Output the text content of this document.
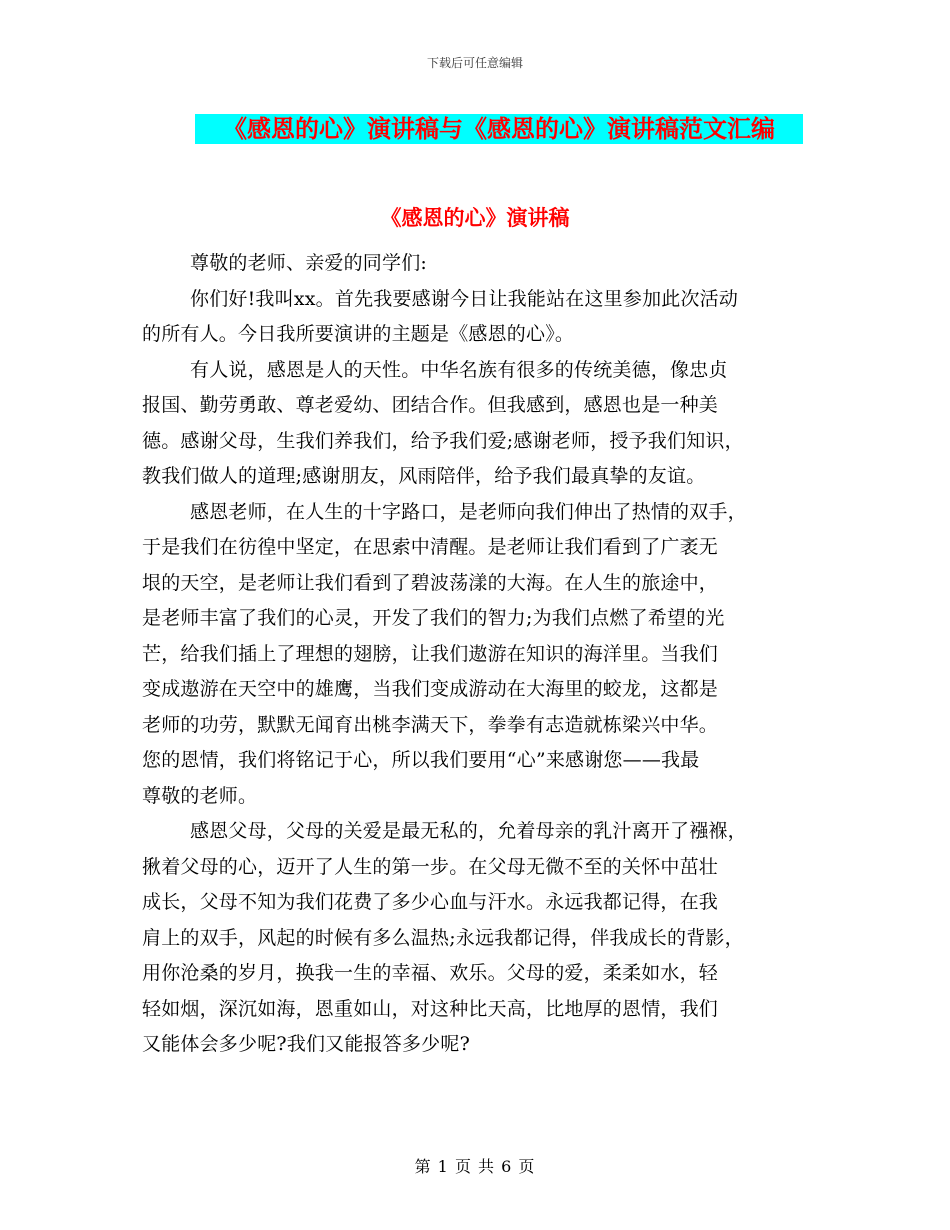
下载后可任意编辑
《感恩的心》演讲稿与《感恩的心》演讲稿范文汇编
《感恩的心》演讲稿
尊敬的老师、亲爱的同学们:
你们好!我叫xx。首先我要感谢今日让我能站在这里参加此次活动
的所有人。今日我所要演讲的主题是《感恩的心》。
有人说，感恩是人的天性。中华名族有很多的传统美德，像忠贞
报国、勤劳勇敢、尊老爱幼、团结合作。但我感到，感恩也是一种美
德。感谢父母，生我们养我们，给予我们爱;感谢老师，授予我们知识，
教我们做人的道理;感谢朋友，风雨陪伴，给予我们最真挚的友谊。
感恩老师，在人生的十字路口，是老师向我们伸出了热情的双手，
于是我们在彷徨中坚定，在思索中清醒。是老师让我们看到了广袤无
垠的天空，是老师让我们看到了碧波荡漾的大海。在人生的旅途中，
是老师丰富了我们的心灵，开发了我们的智力;为我们点燃了希望的光
芒，给我们插上了理想的翅膀，让我们遨游在知识的海洋里。当我们
变成遨游在天空中的雄鹰，当我们变成游动在大海里的蛟龙，这都是
老师的功劳，默默无闻育出桃李满天下，拳拳有志造就栋梁兴中华。
您的恩情，我们将铭记于心，所以我们要用“心”来感谢您——我最
尊敬的老师。
感恩父母，父母的关爱是最无私的，允着母亲的乳汁离开了襁褓，
揪着父母的心，迈开了人生的第一步。在父母无微不至的关怀中茁壮
成长，父母不知为我们花费了多少心血与汗水。永远我都记得，在我
肩上的双手，风起的时候有多么温热;永远我都记得，伴我成长的背影，
用你沧桑的岁月，换我一生的幸福、欢乐。父母的爱，柔柔如水，轻
轻如烟，深沉如海，恩重如山，对这种比天高，比地厚的恩情，我们
又能体会多少呢?我们又能报答多少呢?
第 1 页 共 6 页
